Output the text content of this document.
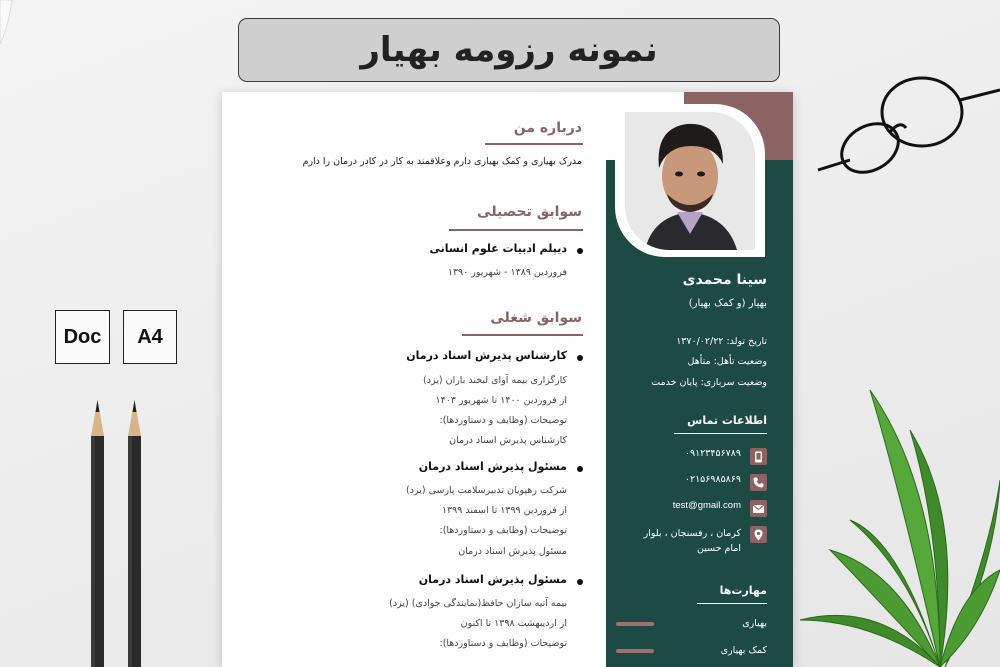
نمونه رزومه بهیار
Doc	A4
سینا محمدی
بهیار (و کمک بهیار)
تاریخ تولد: ۱۳۷۰/۰۲/۲۲
وضعیت تأهل: متأهل
وضعیت سربازی: پایان خدمت
اطلاعات تماس
۰۹۱۲۳۴۵۶۷۸۹
۰۲۱۵۶۹۸۵۸۶۹
test@gmail.com
کرمان ، رفسنجان ، بلوار امام حسین
مهارت‌ها
بهیاری
کمک بهیاری
درباره من
مدرک بهیاری و کمک بهیاری دارم وعلاقمند به کار در کادر درمان را دارم
سوابق تحصیلی
دیپلم ادبیات علوم انسانی
فروردین ۱۳۸۹ - شهریور ۱۳۹۰
سوابق شغلی
کارشناس پذیرش اسناد درمان
کارگزاری بیمه آوای لبخند باران (یزد)
از فروردین ۱۴۰۰ تا شهریور ۱۴۰۳
توضیحات (وظایف و دستاوردها):
کارشناس پذیرش اسناد درمان
مسئول پذیرش اسناد درمان
شرکت رهپویان تدبیرسلامت پارسی (یزد)
از فروردین ۱۳۹۹ تا اسفند ۱۳۹۹
توضیحات (وظایف و دستاوردها):
مسئول پذیرش اسناد درمان
مسئول پذیرش اسناد درمان
بیمه آتیه سازان حافظ(نمایندگی جوادی) (یزد)
از اردیبهشت ۱۳۹۸ تا اکنون
توضیحات (وظایف و دستاوردها):
